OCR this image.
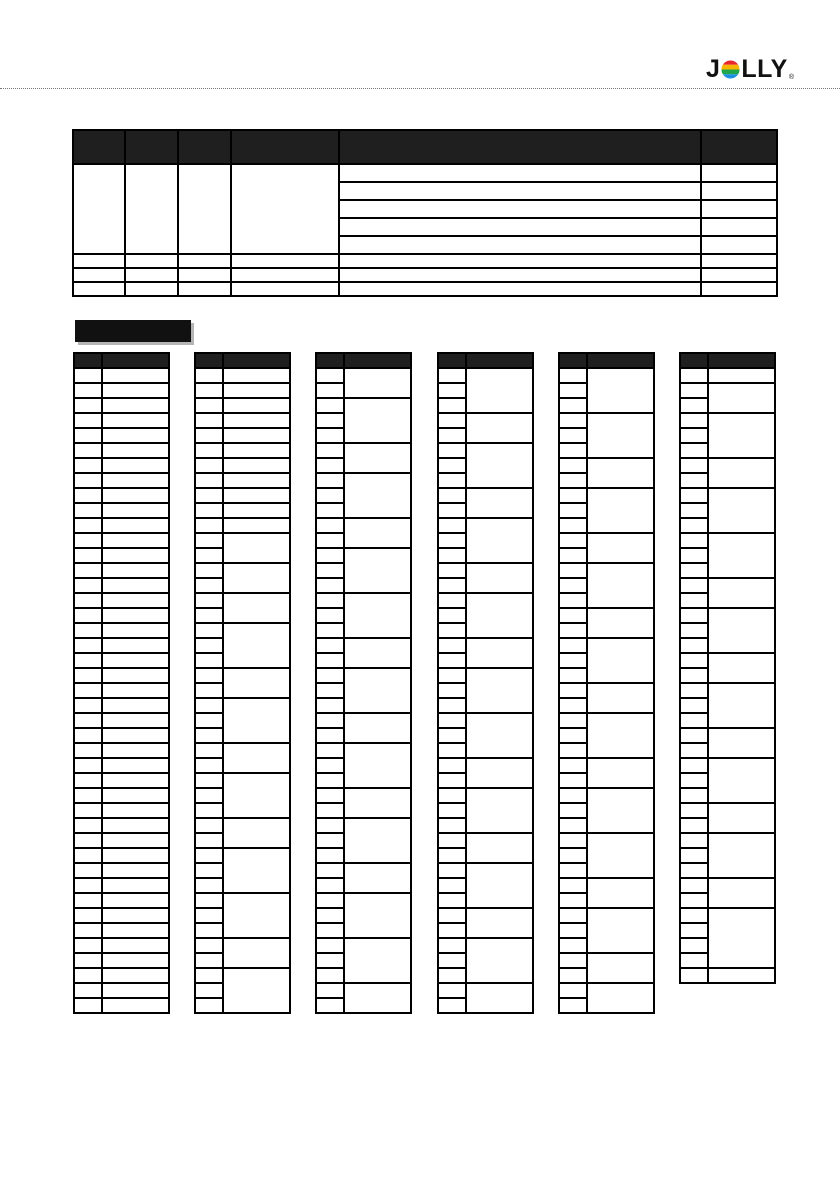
J LLY ®
